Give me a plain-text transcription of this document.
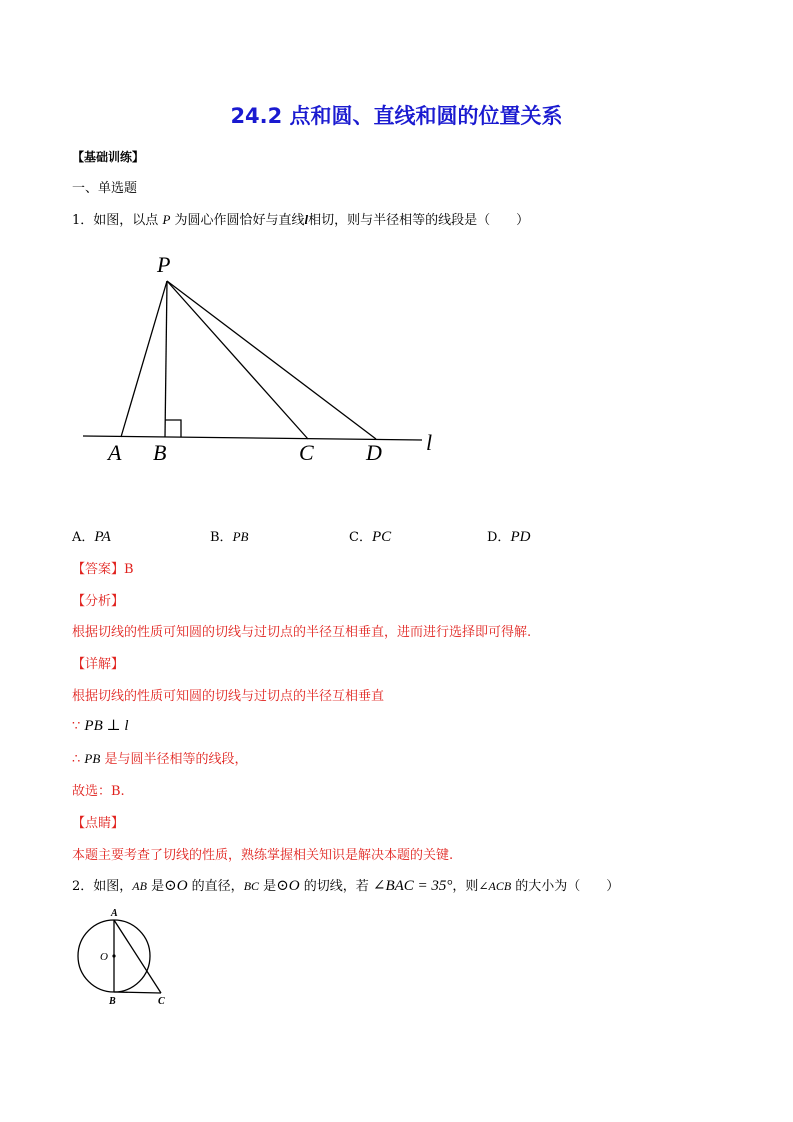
24.2 点和圆、直线和圆的位置关系
【基础训练】
一、单选题
1．如图，以点 P 为圆心作圆恰好与直线l相切，则与半径相等的线段是（　　）
P
A B	C D l
A．PA	B．PB	C．PC	D．PD
【答案】B
【分析】
根据切线的性质可知圆的切线与过切点的半径互相垂直，进而进行选择即可得解.
【详解】
根据切线的性质可知圆的切线与过切点的半径互相垂直
∵ PB ⊥ l
∴ PB 是与圆半径相等的线段，
故选：B.
【点睛】
本题主要考查了切线的性质，熟练掌握相关知识是解决本题的关键.
2．如图，AB 是⊙O 的直径，BC 是⊙O 的切线，若 ∠BAC = 35°，则∠ACB 的大小为（　　）
A
O
B	C
